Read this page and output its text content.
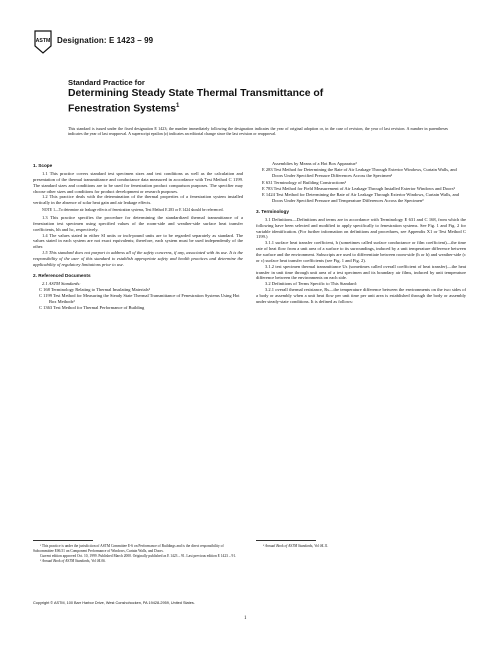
ASTM Designation: E 1423 – 99
Standard Practice for
Determining Steady State Thermal Transmittance of
Fenestration Systems$^1$
This standard is issued under the fixed designation E 1423; the number immediately following the designation indicates the year of original adoption or, in the case of revision, the year of last revision. A number in parentheses indicates the year of last reapproval. A superscript epsilon (ε) indicates an editorial change since the last revision or reapproval.
1. Scope

1.1 This practice covers standard test specimen sizes and test conditions as well as the calculation and presentation of the thermal transmittance and conductance data measured in accordance with Test Method C 1199. The standard sizes and conditions are to be used for fenestration product comparison purposes. The specifier may choose other sizes and conditions for product development or research purposes.

1.2 This practice deals with the determination of the thermal properties of a fenestration system installed vertically in the absence of solar heat gain and air leakage effects.

NOTE 1—To determine air leakage effects of fenestration systems, Test Method E 283 or E 1424 should be referenced.

1.3 This practice specifies the procedure for determining the standardized thermal transmittance of a fenestration test specimen using specified values of the room-side and weather-side surface heat transfer coefficients, hh and hc, respectively.

1.4 The values stated in either SI units or inch-pound units are to be regarded separately as standard. The values stated in each system are not exact equivalents; therefore, each system must be used independently of the other.

1.5 This standard does not purport to address all of the safety concerns, if any, associated with its use. It is the responsibility of the user of this standard to establish appropriate safety and health practices and determine the applicability of regulatory limitations prior to use.

2. Referenced Documents

2.1 ASTM Standards:

C 168 Terminology Relating to Thermal Insulating Materials²

C 1199 Test Method for Measuring the Steady State Thermal Transmittance of Fenestration Systems Using Hot Box Methods²

C 1363 Test Method for Thermal Performance of Building

Assemblies by Means of a Hot Box Apparatus²

E 283 Test Method for Determining the Rate of Air Leakage Through Exterior Windows, Curtain Walls, and Doors Under Specified Pressure Differences Across the Specimen³

E 631 Terminology of Building Constructions³

E 783 Test Method for Field Measurement of Air Leakage Through Installed Exterior Windows and Doors³

E 1424 Test Method for Determining the Rate of Air Leakage Through Exterior Windows, Curtain Walls, and Doors Under Specified Pressure and Temperature Differences Across the Specimen³

3. Terminology

3.1 Definitions—Definitions and terms are in accordance with Terminology E 631 and C 168, from which the following have been selected and modified to apply specifically to fenestration systems. See Fig. 1 and Fig. 2 for variable identification. (For further information on definitions and procedures, see Appendix X1 or Test Method C 1199.)

3.1.1 surface heat transfer coefficient, h (sometimes called surface conductance or film coefficient)—the time rate of heat flow from a unit area of a surface to its surroundings, induced by a unit temperature difference between the surface and the environment. Subscripts are used to differentiate between room-side (h or h) and weather-side (c or c) surface heat transfer coefficients (see Fig. 1 and Fig. 2).

3.1.2 test specimen thermal transmittance Us (sometimes called overall coefficient of heat transfer)—the heat transfer in unit time through unit area of a test specimen and its boundary air films, induced by unit temperature difference between the environments on each side.

3.2 Definitions of Terms Specific to This Standard:

3.2.1 overall thermal resistance, Rs—the temperature difference between the environments on the two sides of a body or assembly when a unit heat flow per unit time per unit area is established through the body or assembly under steady-state conditions. It is defined as follows:

¹ This practice is under the jurisdiction of ASTM Committee E-6 on Performance of Buildings and is the direct responsibility of Subcommittee E06.51 on Component Performance of Windows, Curtain Walls, and Doors.

Current edition approved Oct. 10, 1999. Published March 2000. Originally published as E 1423 – 91. Last previous edition E 1423 – 91.

² Annual Book of ASTM Standards, Vol 04.06.

³ Annual Book of ASTM Standards, Vol 04.11.

Copyright © ASTM, 100 Barr Harbor Drive, West Conshohocken, PA 19428-2959, United States.
1
